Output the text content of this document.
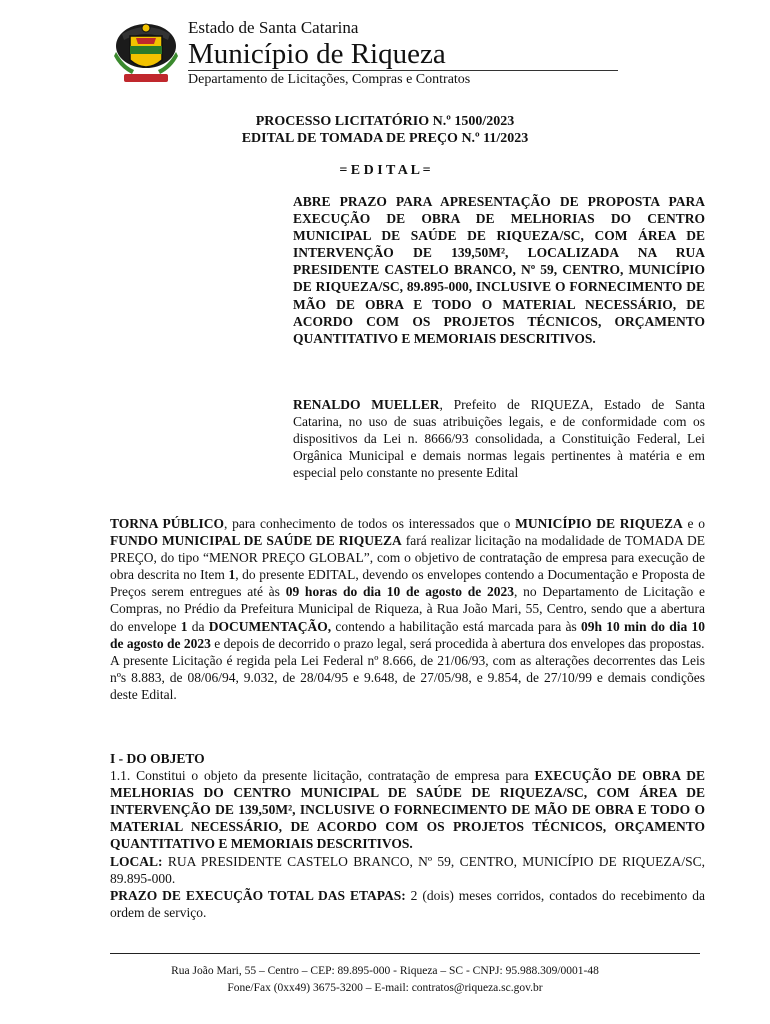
Estado de Santa Catarina
Município de Riqueza
Departamento de Licitações, Compras e Contratos
PROCESSO LICITATÓRIO N.º 1500/2023
EDITAL DE TOMADA DE PREÇO N.º 11/2023
= E D I T A L =
ABRE PRAZO PARA APRESENTAÇÃO DE PROPOSTA PARA EXECUÇÃO DE OBRA DE MELHORIAS DO CENTRO MUNICIPAL DE SAÚDE DE RIQUEZA/SC, COM ÁREA DE INTERVENÇÃO DE 139,50M², LOCALIZADA NA RUA PRESIDENTE CASTELO BRANCO, Nº 59, CENTRO, MUNICÍPIO DE RIQUEZA/SC, 89.895-000, INCLUSIVE O FORNECIMENTO DE MÃO DE OBRA E TODO O MATERIAL NECESSÁRIO, DE ACORDO COM OS PROJETOS TÉCNICOS, ORÇAMENTO QUANTITATIVO E MEMORIAIS DESCRITIVOS.
RENALDO MUELLER, Prefeito de RIQUEZA, Estado de Santa Catarina, no uso de suas atribuições legais, e de conformidade com os dispositivos da Lei n. 8666/93 consolidada, a Constituição Federal, Lei Orgânica Municipal e demais normas legais pertinentes à matéria e em especial pelo constante no presente Edital

TORNA PÚBLICO, para conhecimento de todos os interessados que o MUNICÍPIO DE RIQUEZA e o FUNDO MUNICIPAL DE SAÚDE DE RIQUEZA fará realizar licitação na modalidade de TOMADA DE PREÇO, do tipo “MENOR PREÇO GLOBAL”, com o objetivo de contratação de empresa para execução de obra descrita no Item 1, do presente EDITAL, devendo os envelopes contendo a Documentação e Proposta de Preços serem entregues até às 09 horas do dia 10 de agosto de 2023, no Departamento de Licitação e Compras, no Prédio da Prefeitura Municipal de Riqueza, à Rua João Mari, 55, Centro, sendo que a abertura do envelope 1 da DOCUMENTAÇÃO, contendo a habilitação está marcada para às 09h 10 min do dia 10 de agosto de 2023 e depois de decorrido o prazo legal, será procedida à abertura dos envelopes das propostas.

A presente Licitação é regida pela Lei Federal nº 8.666, de 21/06/93, com as alterações decorrentes das Leis nºs 8.883, de 08/06/94, 9.032, de 28/04/95 e 9.648, de 27/05/98, e 9.854, de 27/10/99 e demais condições deste Edital.

I - DO OBJETO

1.1. Constitui o objeto da presente licitação, contratação de empresa para EXECUÇÃO DE OBRA DE MELHORIAS DO CENTRO MUNICIPAL DE SAÚDE DE RIQUEZA/SC, COM ÁREA DE INTERVENÇÃO DE 139,50M², INCLUSIVE O FORNECIMENTO DE MÃO DE OBRA E TODO O MATERIAL NECESSÁRIO, DE ACORDO COM OS PROJETOS TÉCNICOS, ORÇAMENTO QUANTITATIVO E MEMORIAIS DESCRITIVOS.

LOCAL: RUA PRESIDENTE CASTELO BRANCO, Nº 59, CENTRO, MUNICÍPIO DE RIQUEZA/SC, 89.895-000.

PRAZO DE EXECUÇÃO TOTAL DAS ETAPAS: 2 (dois) meses corridos, contados do recebimento da ordem de serviço.

Rua João Mari, 55 – Centro – CEP: 89.895-000 - Riqueza – SC - CNPJ: 95.988.309/0001-48
Fone/Fax (0xx49) 3675-3200 – E-mail: contratos@riqueza.sc.gov.br
